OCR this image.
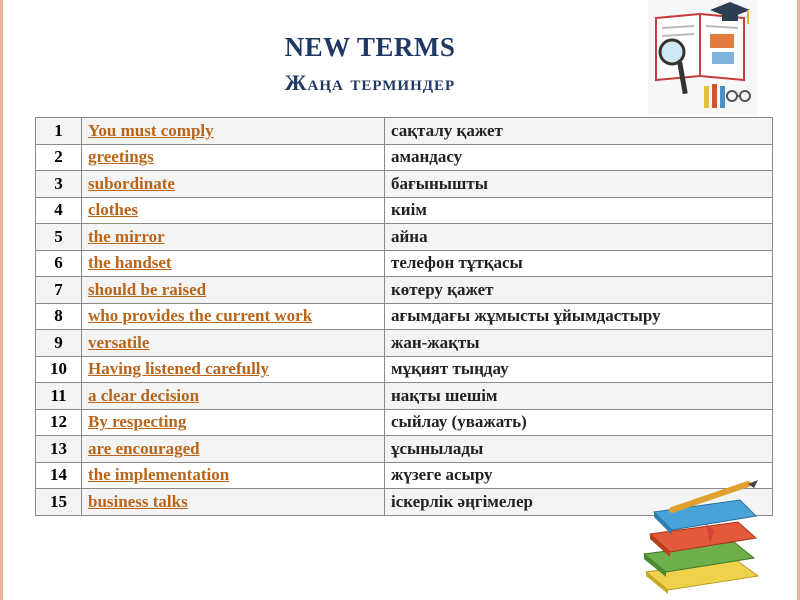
NEW TERMS
Жаңа терминдер
1	You must comply	сақталу қажет
2	greetings	амандасу
3	subordinate	бағынышты
4	clothes	киім
5	the mirror	айна
6	the handset	телефон тұтқасы
7	should be raised	көтеру қажет
8	who provides the current work	ағымдағы жұмысты ұйымдастыру
9	versatile	жан-жақты
10	Having listened carefully	мұқият тыңдау
11	a clear decision	нақты шешім
12	By respecting	сыйлау (уважать)
13	are encouraged	ұсынылады
14	the implementation	жүзеге асыру
15	business talks	іскерлік әңгімелер
